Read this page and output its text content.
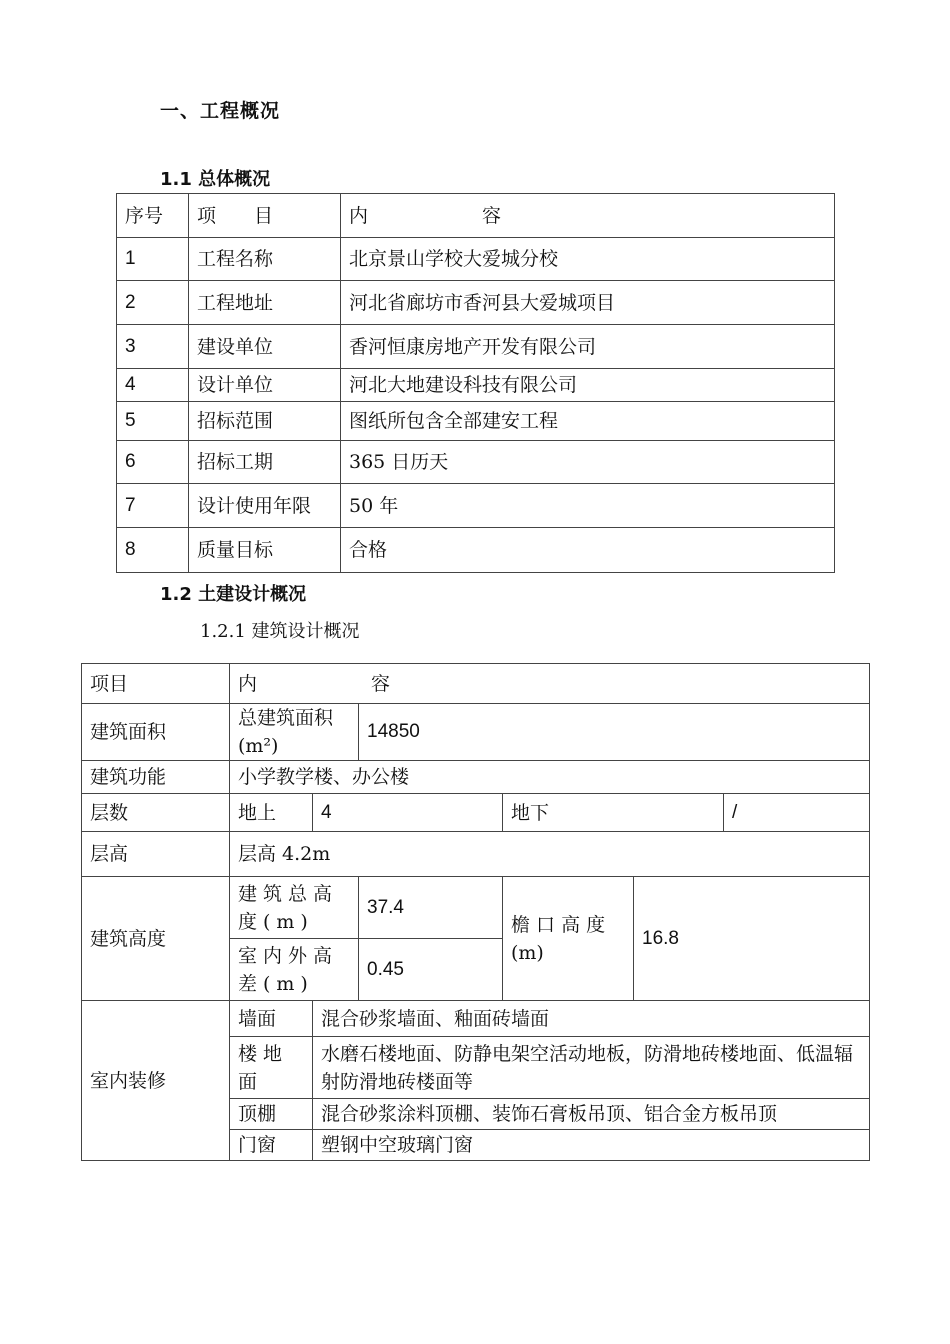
一、工程概况
1.1 总体概况
序号	项　　目	内　　　　　　容
1	工程名称	北京景山学校大爱城分校
2	工程地址	河北省廊坊市香河县大爱城项目
3	建设单位	香河恒康房地产开发有限公司
4	设计单位	河北大地建设科技有限公司
5	招标范围	图纸所包含全部建安工程
6	招标工期	365 日历天
7	设计使用年限	50 年
8	质量目标	合格
1.2 土建设计概况
1.2.1 建筑设计概况
项目	内　　　　　　容					
建筑面积	总建筑面积(m²)		14850			
建筑功能	小学教学楼、办公楼					
层数	地上	4		地下		/
层高	层高 4.2m					
建筑高度	建筑总高度(m)		37.4	檐 口 高 度 (m)	16.8	
	室内外高差(m)		0.45			
室内装修	墙面	混合砂浆墙面、釉面砖墙面				
	楼地面	水磨石楼地面、防静电架空活动地板，防滑地砖楼地面、低温辐射防滑地砖楼面等				
	顶棚	混合砂浆涂料顶棚、装饰石膏板吊顶、铝合金方板吊顶				
	门窗	塑钢中空玻璃门窗				
